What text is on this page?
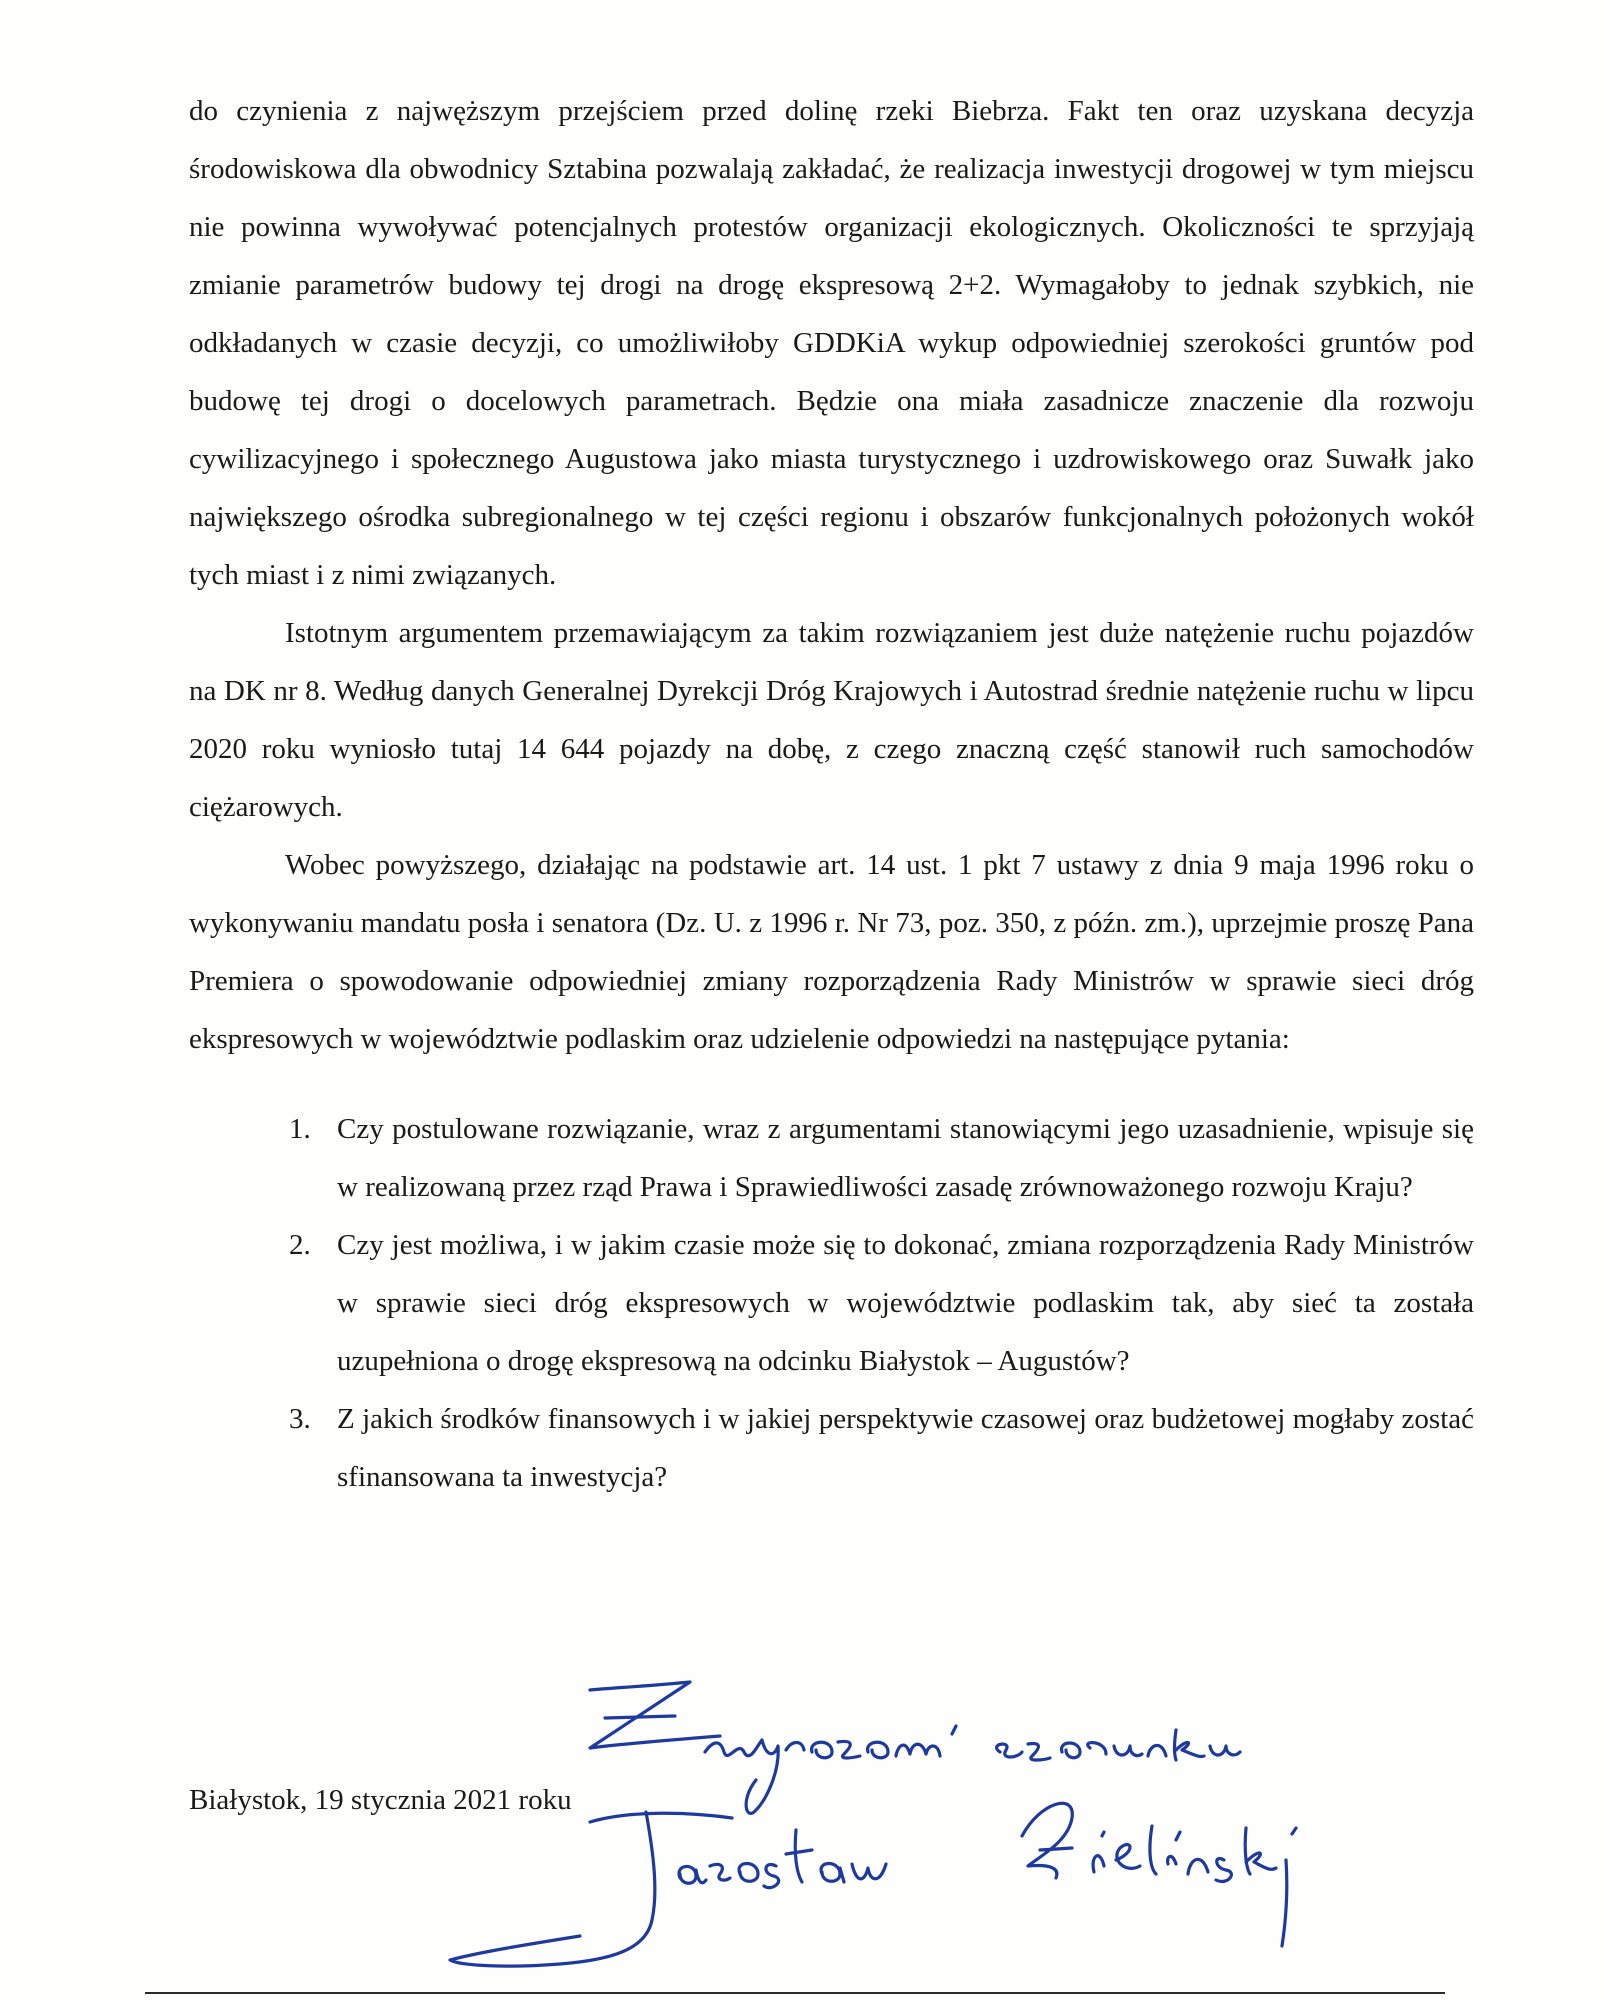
do czynienia z najwęższym przejściem przed dolinę rzeki Biebrza. Fakt ten oraz uzyskana decyzja środowiskowa dla obwodnicy Sztabina pozwalają zakładać, że realizacja inwestycji drogowej w tym miejscu nie powinna wywoływać potencjalnych protestów organizacji ekologicznych. Okoliczności te sprzyjają zmianie parametrów budowy tej drogi na drogę ekspresową 2+2. Wymagałoby to jednak szybkich, nie odkładanych w czasie decyzji, co umożliwiłoby GDDKiA wykup odpowiedniej szerokości gruntów pod budowę tej drogi o docelowych parametrach. Będzie ona miała zasadnicze znaczenie dla rozwoju cywilizacyjnego i społecznego Augustowa jako miasta turystycznego i uzdrowiskowego oraz Suwałk jako największego ośrodka subregionalnego w tej części regionu i obszarów funkcjonalnych położonych wokół tych miast i z nimi związanych.

Istotnym argumentem przemawiającym za takim rozwiązaniem jest duże natężenie ruchu pojazdów na DK nr 8. Według danych Generalnej Dyrekcji Dróg Krajowych i Autostrad średnie natężenie ruchu w lipcu 2020 roku wyniosło tutaj 14 644 pojazdy na dobę, z czego znaczną część stanowił ruch samochodów ciężarowych.

Wobec powyższego, działając na podstawie art. 14 ust. 1 pkt 7 ustawy z dnia 9 maja 1996 roku o wykonywaniu mandatu posła i senatora (Dz. U. z 1996 r. Nr 73, poz. 350, z późn. zm.), uprzejmie proszę Pana Premiera o spowodowanie odpowiedniej zmiany rozporządzenia Rady Ministrów w sprawie sieci dróg ekspresowych w województwie podlaskim oraz udzielenie odpowiedzi na następujące pytania:

1. Czy postulowane rozwiązanie, wraz z argumentami stanowiącymi jego uzasadnienie, wpisuje się w realizowaną przez rząd Prawa i Sprawiedliwości zasadę zrównoważonego rozwoju Kraju?
2. Czy jest możliwa, i w jakim czasie może się to dokonać, zmiana rozporządzenia Rady Ministrów w sprawie sieci dróg ekspresowych w województwie podlaskim tak, aby sieć ta została uzupełniona o drogę ekspresową na odcinku Białystok – Augustów?
3. Z jakich środków finansowych i w jakiej perspektywie czasowej oraz budżetowej mogłaby zostać sfinansowana ta inwestycja?
Białystok, 19 stycznia 2021 roku
